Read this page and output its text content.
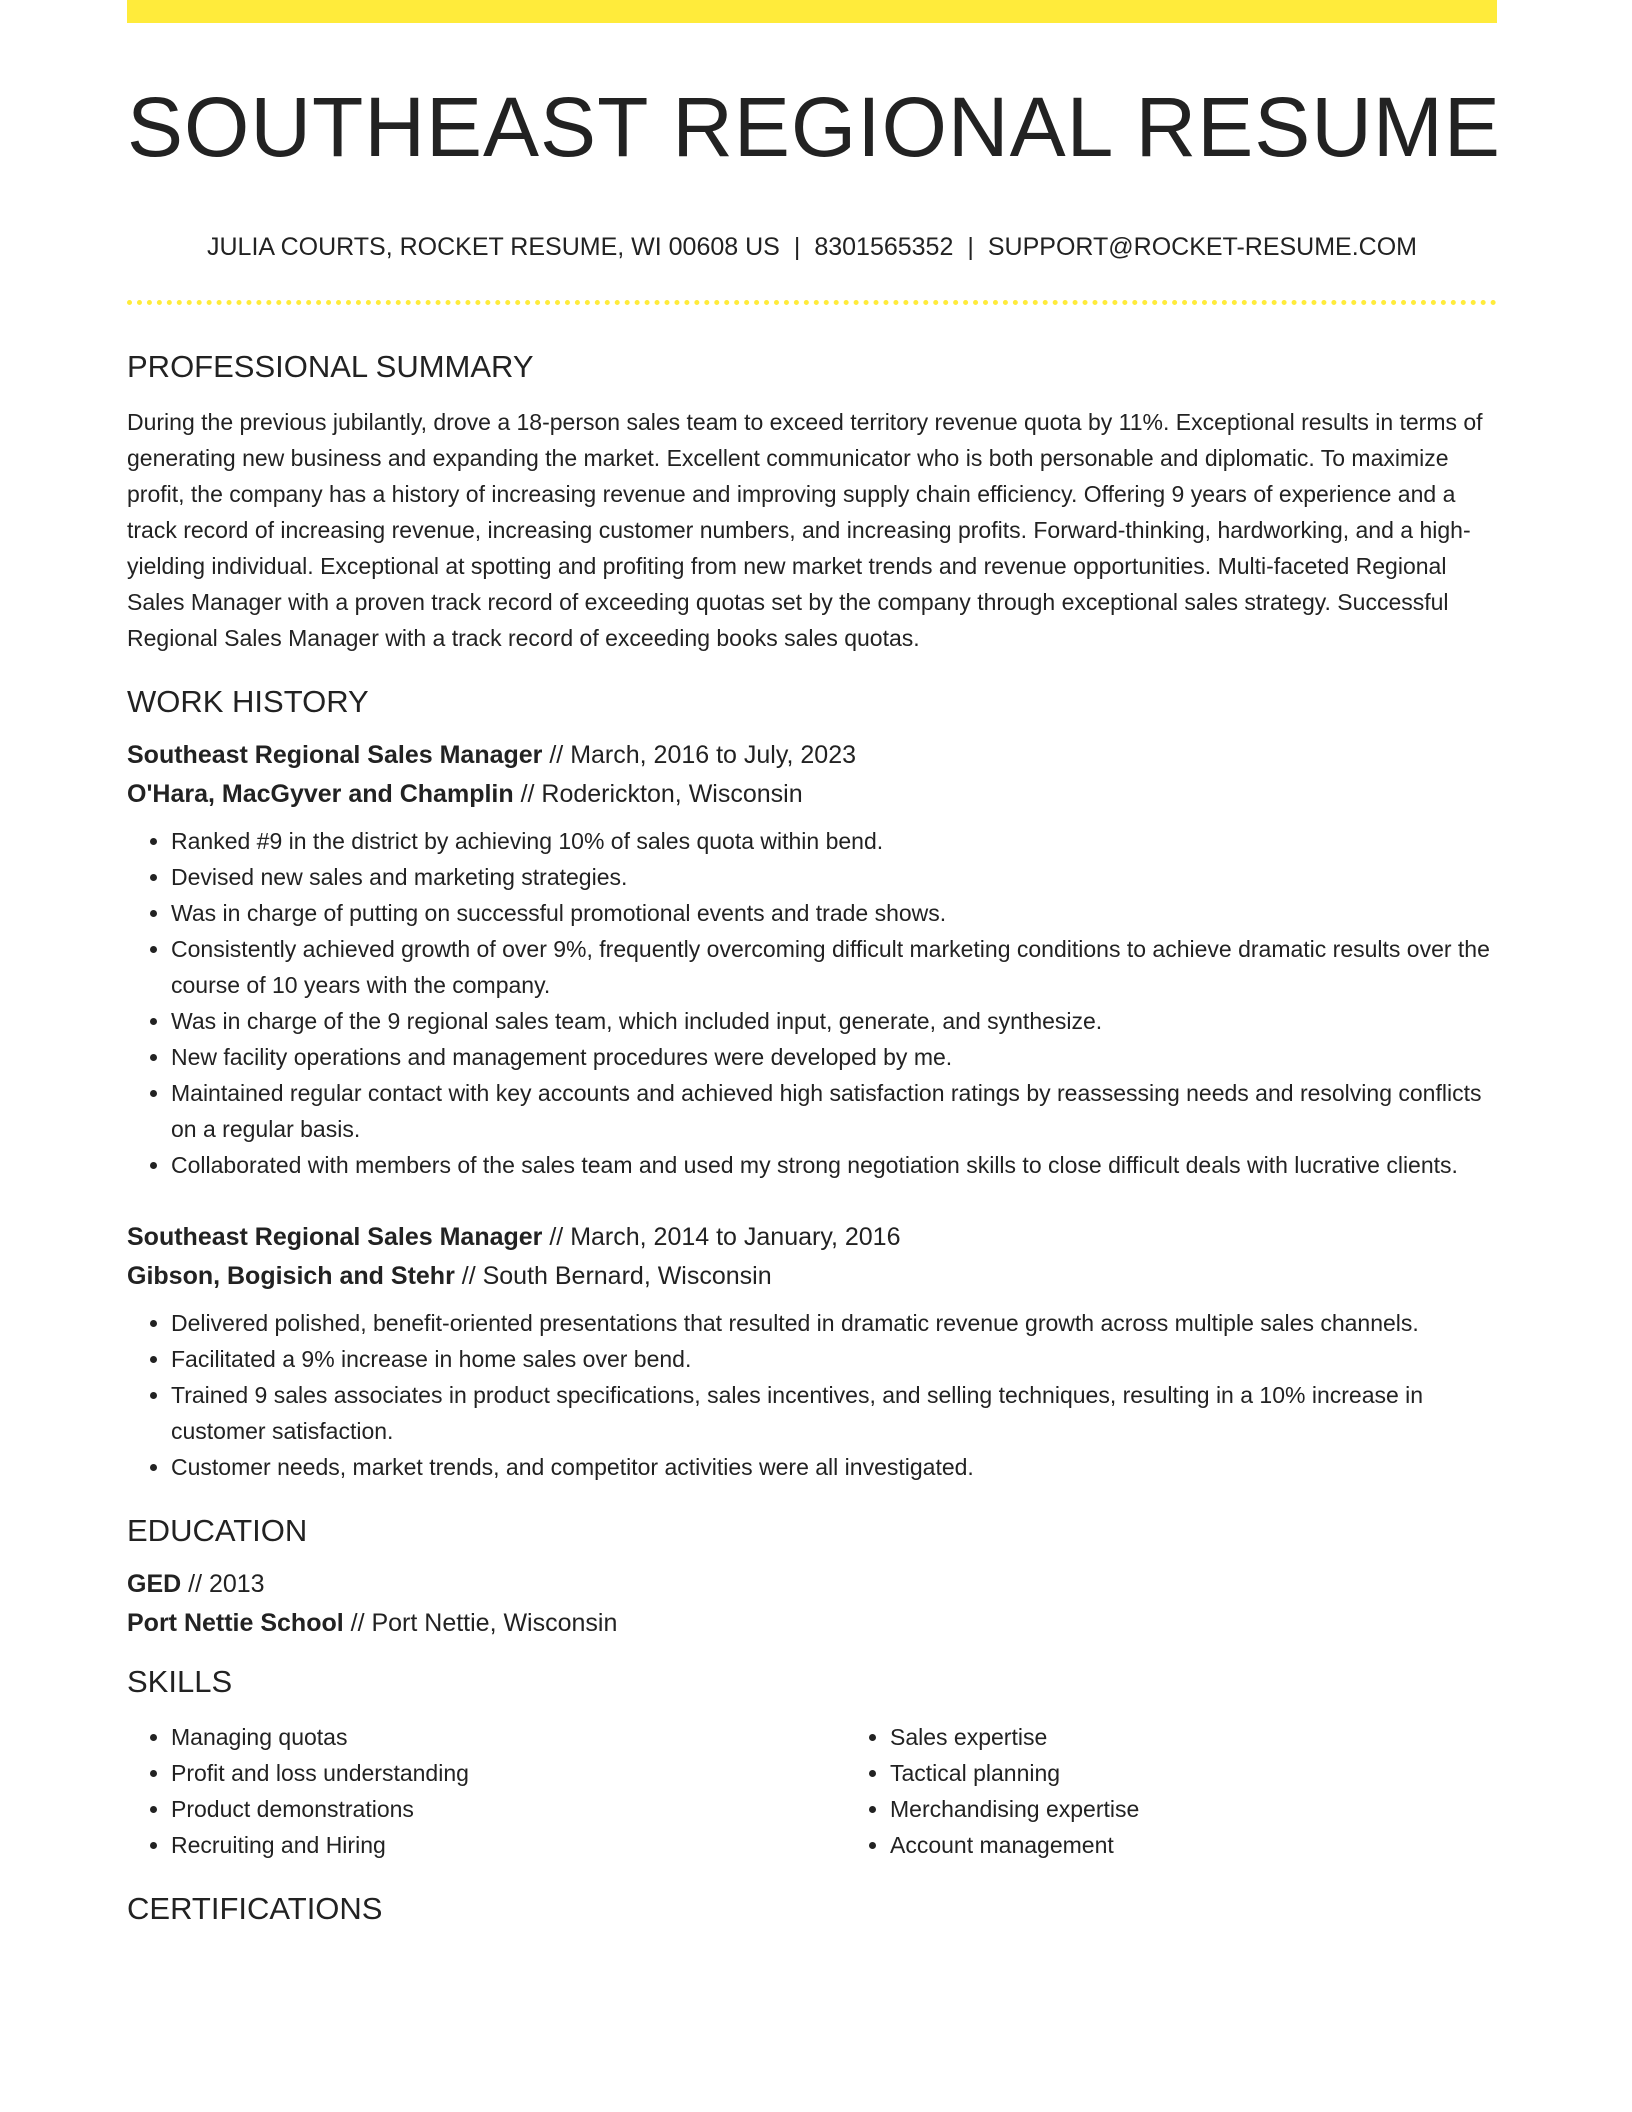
SOUTHEAST REGIONAL RESUME
JULIA COURTS, ROCKET RESUME, WI 00608 US | 8301565352 | SUPPORT@ROCKET-RESUME.COM
PROFESSIONAL SUMMARY

During the previous jubilantly, drove a 18-person sales team to exceed territory revenue quota by 11%. Exceptional results in terms of generating new business and expanding the market. Excellent communicator who is both personable and diplomatic. To maximize profit, the company has a history of increasing revenue and improving supply chain efficiency. Offering 9 years of experience and a track record of increasing revenue, increasing customer numbers, and increasing profits. Forward-thinking, hardworking, and a high-yielding individual. Exceptional at spotting and profiting from new market trends and revenue opportunities. Multi-faceted Regional Sales Manager with a proven track record of exceeding quotas set by the company through exceptional sales strategy. Successful Regional Sales Manager with a track record of exceeding books sales quotas.

WORK HISTORY

Southeast Regional Sales Manager // March, 2016 to July, 2023

O'Hara, MacGyver and Champlin // Roderickton, Wisconsin

• Ranked #9 in the district by achieving 10% of sales quota within bend.
• Devised new sales and marketing strategies.
• Was in charge of putting on successful promotional events and trade shows.
• Consistently achieved growth of over 9%, frequently overcoming difficult marketing conditions to achieve dramatic results over the course of 10 years with the company.
• Was in charge of the 9 regional sales team, which included input, generate, and synthesize.
• New facility operations and management procedures were developed by me.
• Maintained regular contact with key accounts and achieved high satisfaction ratings by reassessing needs and resolving conflicts on a regular basis.
• Collaborated with members of the sales team and used my strong negotiation skills to close difficult deals with lucrative clients.

Southeast Regional Sales Manager // March, 2014 to January, 2016

Gibson, Bogisich and Stehr // South Bernard, Wisconsin

• Delivered polished, benefit-oriented presentations that resulted in dramatic revenue growth across multiple sales channels.
• Facilitated a 9% increase in home sales over bend.
• Trained 9 sales associates in product specifications, sales incentives, and selling techniques, resulting in a 10% increase in customer satisfaction.
• Customer needs, market trends, and competitor activities were all investigated.
EDUCATION

GED // 2013

Port Nettie School // Port Nettie, Wisconsin

SKILLS
• Managing quotas
• Profit and loss understanding
• Product demonstrations
• Recruiting and Hiring
• Sales expertise
• Tactical planning
• Merchandising expertise
• Account management
CERTIFICATIONS
